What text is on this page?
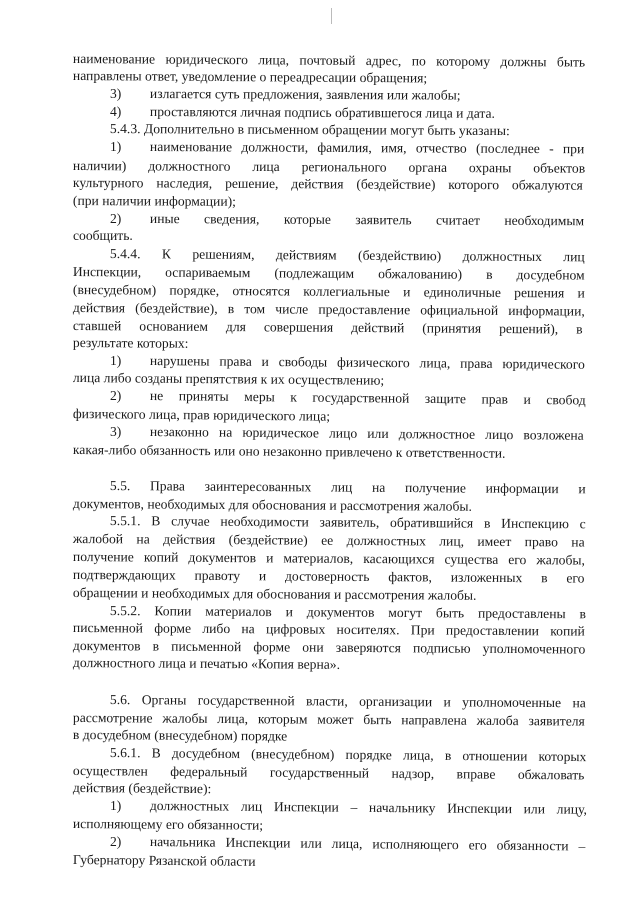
наименование юридического лица, почтовый адрес, по которому должны быть
направлены ответ, уведомление о переадресации обращения;
3) излагается суть предложения, заявления или жалобы;
4) проставляются личная подпись обратившегося лица и дата.
5.4.3. Дополнительно в письменном обращении могут быть указаны:
1) наименование должности, фамилия, имя, отчество (последнее - при
наличии) должностного лица регионального органа охраны объектов
культурного наследия, решение, действия (бездействие) которого обжалуются
(при наличии информации);
2) иные сведения, которые заявитель считает необходимым
сообщить.
5.4.4. К решениям, действиям (бездействию) должностных лиц
Инспекции, оспариваемым (подлежащим обжалованию) в досудебном
(внесудебном) порядке, относятся коллегиальные и единоличные решения и
действия (бездействие), в том числе предоставление официальной информации,
ставшей основанием для совершения действий (принятия решений), в
результате которых:
1) нарушены права и свободы физического лица, права юридического
лица либо созданы препятствия к их осуществлению;
2) не приняты меры к государственной защите прав и свобод
физического лица, прав юридического лица;
3) незаконно на юридическое лицо или должностное лицо возложена
какая-либо обязанность или оно незаконно привлечено к ответственности.
5.5. Права заинтересованных лиц на получение информации и
документов, необходимых для обоснования и рассмотрения жалобы.
5.5.1. В случае необходимости заявитель, обратившийся в Инспекцию с
жалобой на действия (бездействие) ее должностных лиц, имеет право на
получение копий документов и материалов, касающихся существа его жалобы,
подтверждающих правоту и достоверность фактов, изложенных в его
обращении и необходимых для обоснования и рассмотрения жалобы.
5.5.2. Копии материалов и документов могут быть предоставлены в
письменной форме либо на цифровых носителях. При предоставлении копий
документов в письменной форме они заверяются подписью уполномоченного
должностного лица и печатью «Копия верна».
5.6. Органы государственной власти, организации и уполномоченные на
рассмотрение жалобы лица, которым может быть направлена жалоба заявителя
в досудебном (внесудебном) порядке
5.6.1. В досудебном (внесудебном) порядке лица, в отношении которых
осуществлен федеральный государственный надзор, вправе обжаловать
действия (бездействие):
1) должностных лиц Инспекции – начальнику Инспекции или лицу,
исполняющему его обязанности;
2) начальника Инспекции или лица, исполняющего его обязанности –
Губернатору Рязанской области
